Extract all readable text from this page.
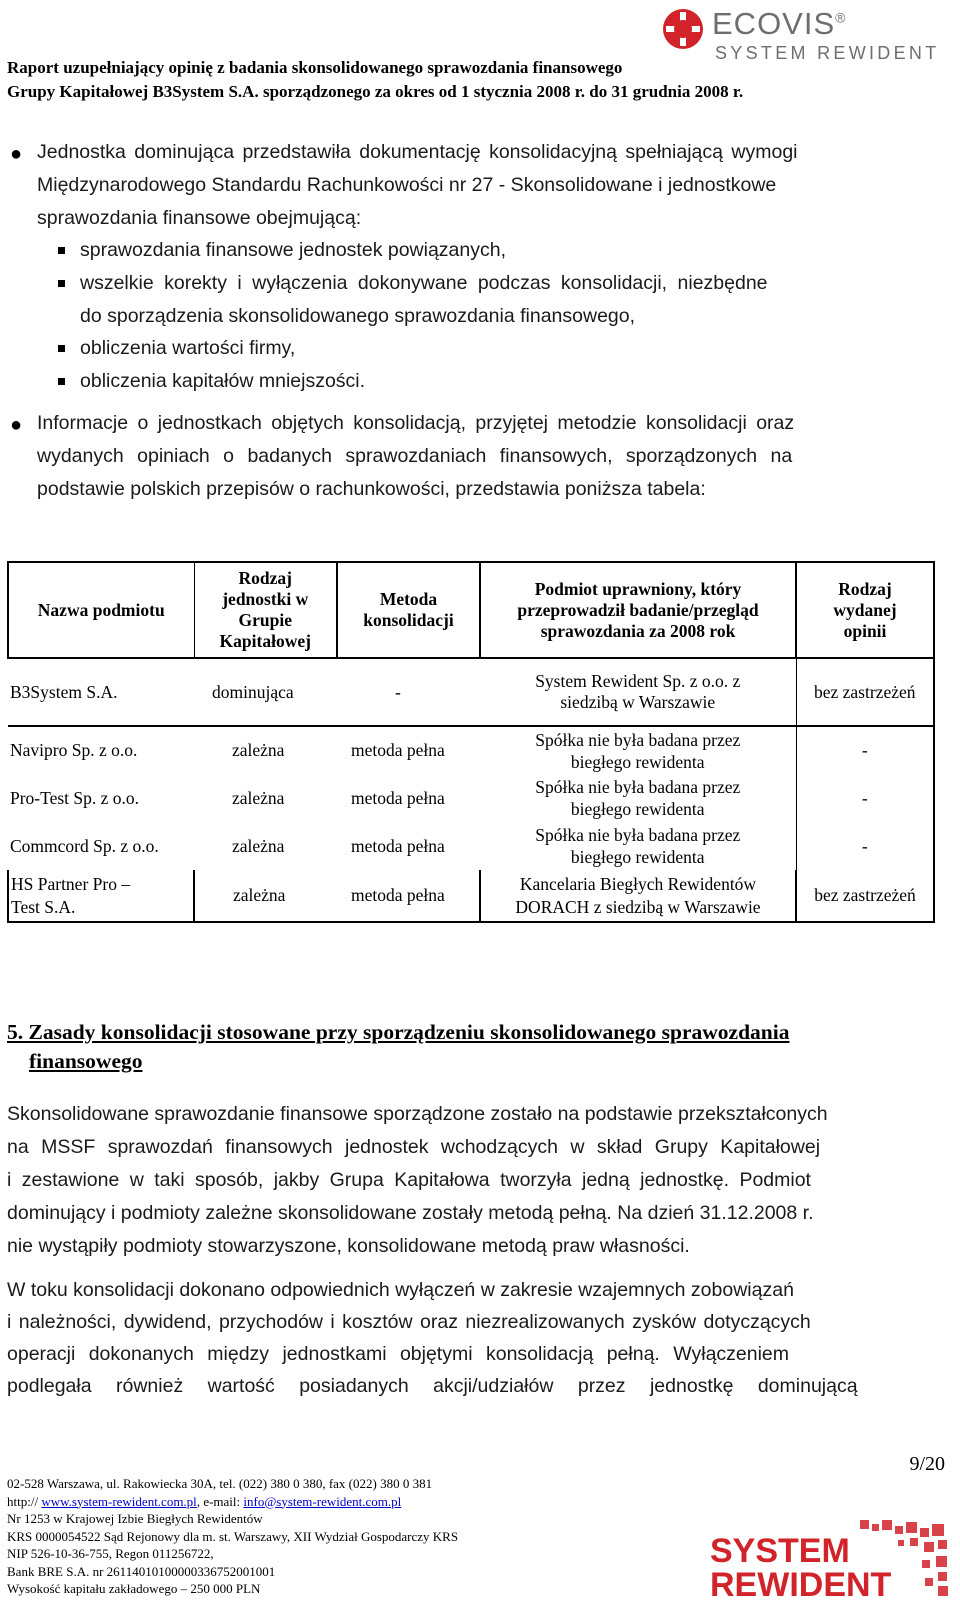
Raport uzupełniający opinię z badania skonsolidowanego sprawozdania finansowego
Grupy Kapitałowej B3System S.A. sporządzonego za okres od 1 stycznia 2008 r. do 31 grudnia 2008 r.
ECOVIS®
SYSTEM REWIDENT
● Jednostka dominująca przedstawiła dokumentację konsolidacyjną spełniającą wymogi
Międzynarodowego Standardu Rachunkowości nr 27 - Skonsolidowane i jednostkowe
sprawozdania finansowe obejmującą:
sprawozdania finansowe jednostek powiązanych,
wszelkie korekty i wyłączenia dokonywane podczas konsolidacji, niezbędne
do sporządzenia skonsolidowanego sprawozdania finansowego,
obliczenia wartości firmy,
obliczenia kapitałów mniejszości.
● Informacje o jednostkach objętych konsolidacją, przyjętej metodzie konsolidacji oraz
wydanych opiniach o badanych sprawozdaniach finansowych, sporządzonych na
podstawie polskich przepisów o rachunkowości, przedstawia poniższa tabela:
Nazwa podmiotu	Rodzaj jednostki w Grupie Kapitałowej	Metoda konsolidacji	Podmiot uprawniony, który przeprowadził badanie/przegląd sprawozdania za 2008 rok	Rodzaj wydanej opinii
B3System S.A.	dominująca	-	System Rewident Sp. z o.o. z siedzibą w Warszawie	bez zastrzeżeń
Navipro Sp. z o.o.	zależna	metoda pełna	Spółka nie była badana przez biegłego rewidenta	-
Pro-Test Sp. z o.o.	zależna	metoda pełna	Spółka nie była badana przez biegłego rewidenta	-
Commcord Sp. z o.o.	zależna	metoda pełna	Spółka nie była badana przez biegłego rewidenta	-
HS Partner Pro – Test S.A.	zależna	metoda pełna	Kancelaria Biegłych Rewidentów DORACH z siedzibą w Warszawie	bez zastrzeżeń
5. Zasady konsolidacji stosowane przy sporządzeniu skonsolidowanego sprawozdania
finansowego
Skonsolidowane sprawozdanie finansowe sporządzone zostało na podstawie przekształconych
na MSSF sprawozdań finansowych jednostek wchodzących w skład Grupy Kapitałowej
i zestawione w taki sposób, jakby Grupa Kapitałowa tworzyła jedną jednostkę. Podmiot
dominujący i podmioty zależne skonsolidowane zostały metodą pełną. Na dzień 31.12.2008 r.
nie wystąpiły podmioty stowarzyszone, konsolidowane metodą praw własności.
W toku konsolidacji dokonano odpowiednich wyłączeń w zakresie wzajemnych zobowiązań
i należności, dywidend, przychodów i kosztów oraz niezrealizowanych zysków dotyczących
operacji dokonanych między jednostkami objętymi konsolidacją pełną. Wyłączeniem
podlegała również wartość posiadanych akcji/udziałów przez jednostkę dominującą
9/20
02-528 Warszawa, ul. Rakowiecka 30A, tel. (022) 380 0 380, fax (022) 380 0 381
http:// www.system-rewident.com.pl, e-mail: info@system-rewident.com.pl
Nr 1253 w Krajowej Izbie Biegłych Rewidentów
KRS 0000054522 Sąd Rejonowy dla m. st. Warszawy, XII Wydział Gospodarczy KRS
NIP 526-10-36-755, Regon 011256722,
Bank BRE S.A. nr 26114010100000336752001001
Wysokość kapitału zakładowego – 250 000 PLN
SYSTEM
REWIDENT
